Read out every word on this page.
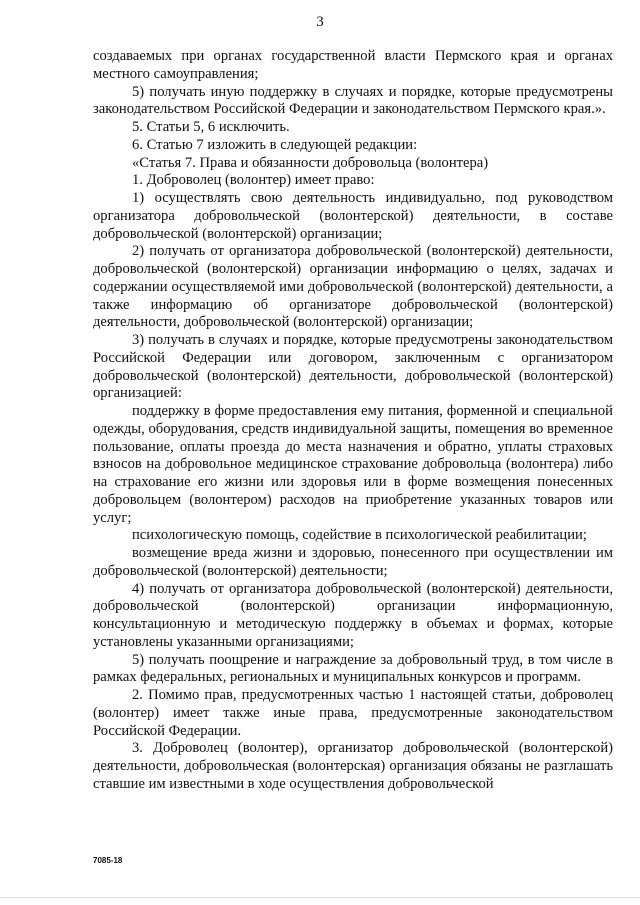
3

создаваемых при органах государственной власти Пермского края и органах местного самоуправления;

5) получать иную поддержку в случаях и порядке, которые предусмотрены законодательством Российской Федерации и законодательством Пермского края.».

5. Статьи 5, 6 исключить.

6. Статью 7 изложить в следующей редакции:

«Статья 7. Права и обязанности добровольца (волонтера)

1. Доброволец (волонтер) имеет право:

1) осуществлять свою деятельность индивидуально, под руководством организатора добровольческой (волонтерской) деятельности, в составе добровольческой (волонтерской) организации;

2) получать от организатора добровольческой (волонтерской) деятельности, добровольческой (волонтерской) организации информацию о целях, задачах и содержании осуществляемой ими добровольческой (волонтерской) деятельности, а также информацию об организаторе добровольческой (волонтерской) деятельности, добровольческой (волонтерской) организации;

3) получать в случаях и порядке, которые предусмотрены законодательством Российской Федерации или договором, заключенным с организатором добровольческой (волонтерской) деятельности, добровольческой (волонтерской) организацией:

поддержку в форме предоставления ему питания, форменной и специальной одежды, оборудования, средств индивидуальной защиты, помещения во временное пользование, оплаты проезда до места назначения и обратно, уплаты страховых взносов на добровольное медицинское страхование добровольца (волонтера) либо на страхование его жизни или здоровья или в форме возмещения понесенных добровольцем (волонтером) расходов на приобретение указанных товаров или услуг;

психологическую помощь, содействие в психологической реабилитации;

возмещение вреда жизни и здоровью, понесенного при осуществлении им добровольческой (волонтерской) деятельности;

4) получать от организатора добровольческой (волонтерской) деятельности, добровольческой (волонтерской) организации информационную, консультационную и методическую поддержку в объемах и формах, которые установлены указанными организациями;

5) получать поощрение и награждение за добровольный труд, в том числе в рамках федеральных, региональных и муниципальных конкурсов и программ.

2. Помимо прав, предусмотренных частью 1 настоящей статьи, доброволец (волонтер) имеет также иные права, предусмотренные законодательством Российской Федерации.

3. Доброволец (волонтер), организатор добровольческой (волонтерской) деятельности, добровольческая (волонтерская) организация обязаны не разглашать ставшие им известными в ходе осуществления добровольческой

7085-18
